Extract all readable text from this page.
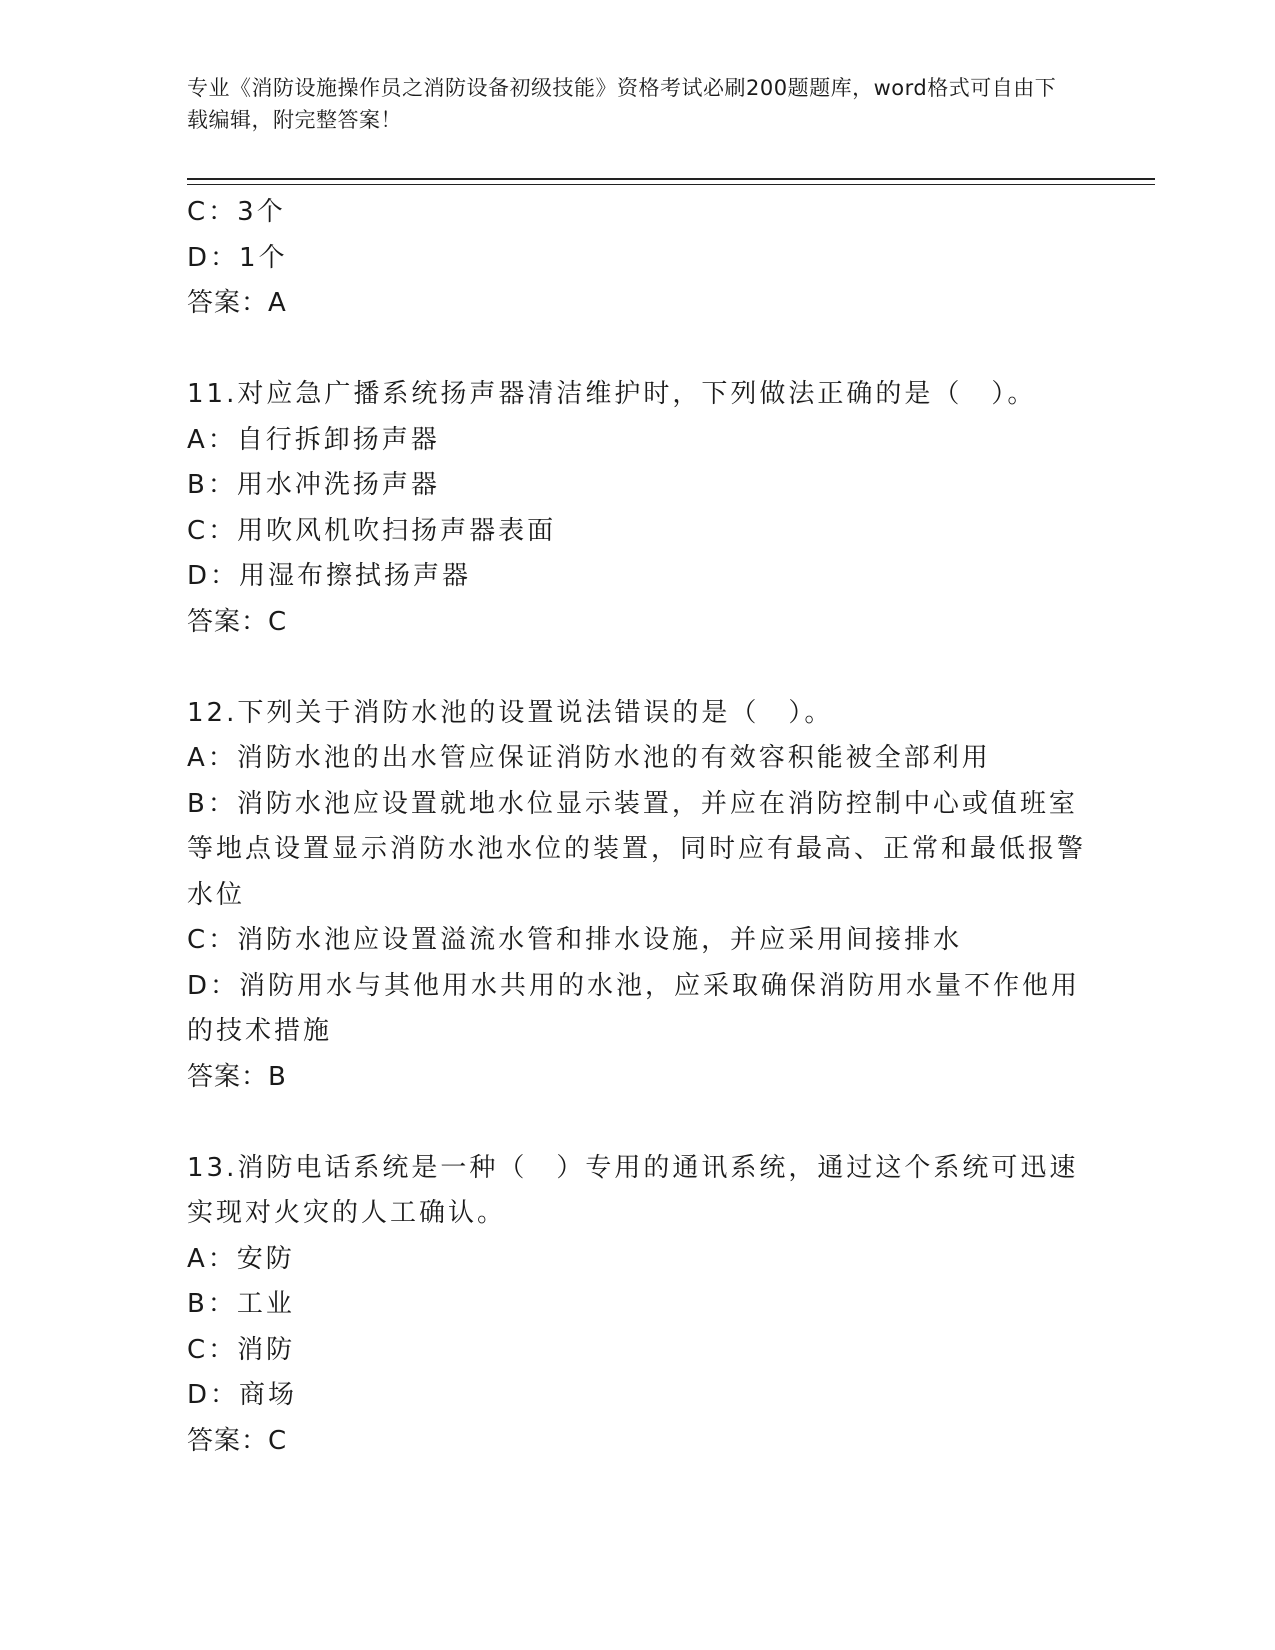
专业《消防设施操作员之消防设备初级技能》资格考试必刷200题题库，word格式可自由下载编辑，附完整答案！

C：3个

D：1个

答案：A

11.对应急广播系统扬声器清洁维护时，下列做法正确的是（　）。

A：自行拆卸扬声器

B：用水冲洗扬声器

C：用吹风机吹扫扬声器表面

D：用湿布擦拭扬声器

答案：C

12.下列关于消防水池的设置说法错误的是（　）。

A：消防水池的出水管应保证消防水池的有效容积能被全部利用

B：消防水池应设置就地水位显示装置，并应在消防控制中心或值班室等地点设置显示消防水池水位的装置，同时应有最高、正常和最低报警水位

C：消防水池应设置溢流水管和排水设施，并应采用间接排水

D：消防用水与其他用水共用的水池，应采取确保消防用水量不作他用的技术措施

答案：B

13.消防电话系统是一种（　）专用的通讯系统，通过这个系统可迅速实现对火灾的人工确认。

A：安防

B：工业

C：消防

D：商场

答案：C
